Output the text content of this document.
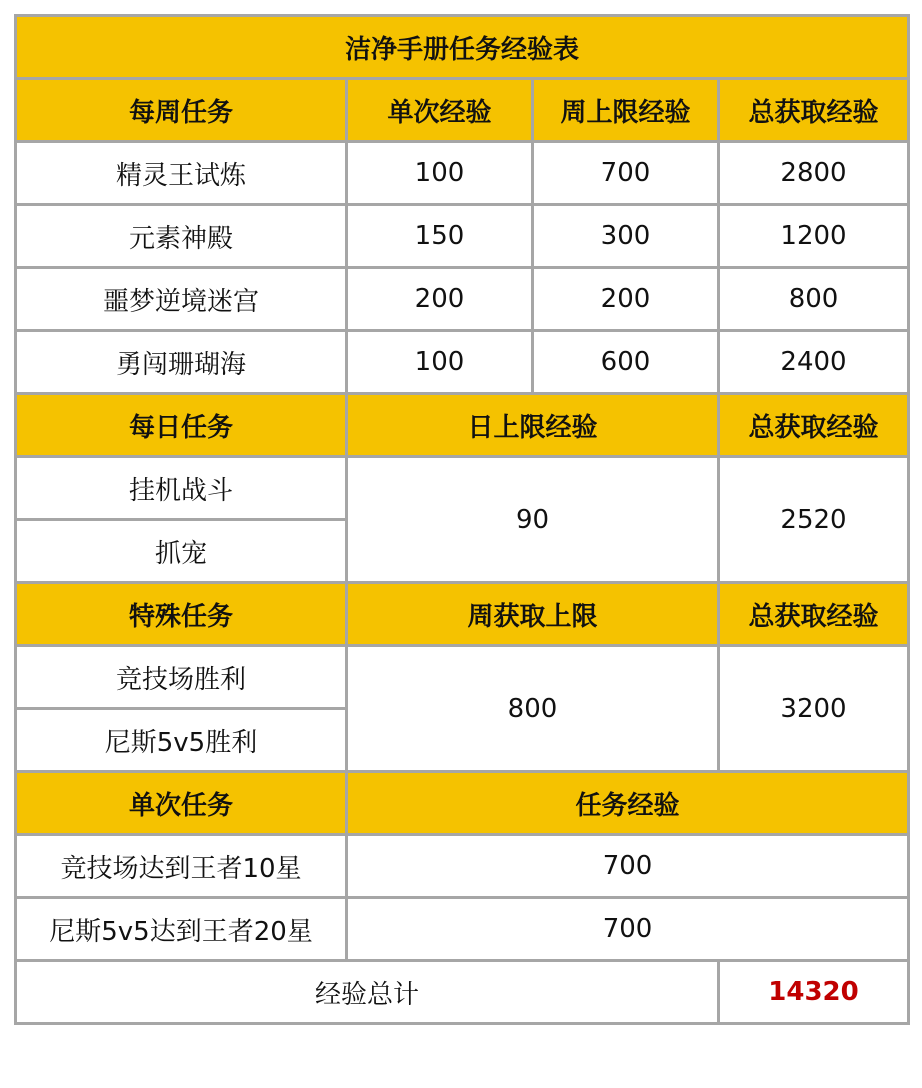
洁净手册任务经验表			
每周任务	单次经验	周上限经验	总获取经验
精灵王试炼	100	700	2800
元素神殿	150	300	1200
噩梦逆境迷宫	200	200	800
勇闯珊瑚海	100	600	2400
每日任务	日上限经验		总获取经验
挂机战斗	90		2520
抓宠			
特殊任务	周获取上限		总获取经验
竞技场胜利	800		3200
尼斯5v5胜利			
单次任务	任务经验		
竞技场达到王者10星	700		
尼斯5v5达到王者20星	700		
经验总计			14320
